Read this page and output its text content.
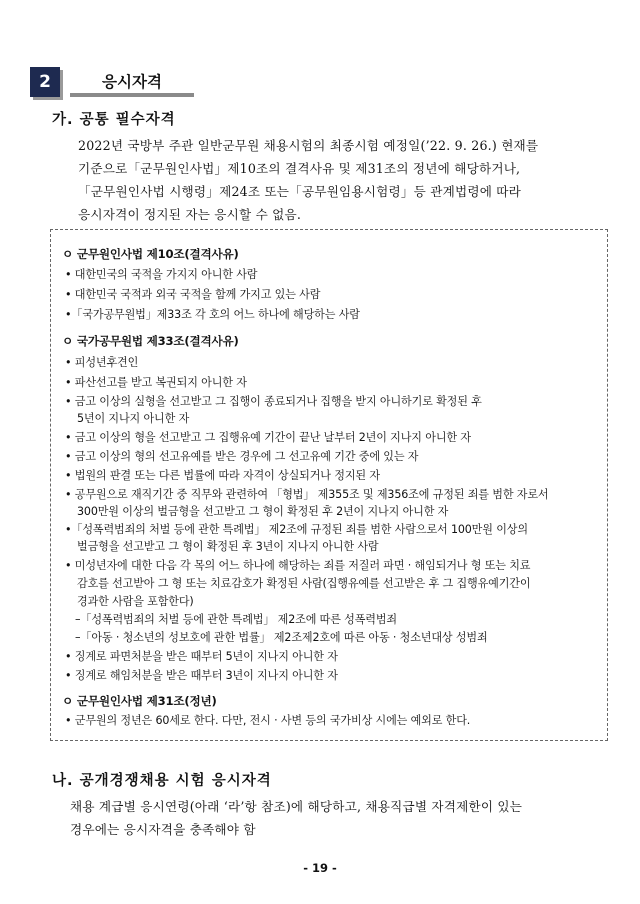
2	응시자격
가. 공통 필수자격
2022년 국방부 주관 일반군무원 채용시험의 최종시험 예정일(’22. 9. 26.) 현재를
기준으로「군무원인사법」제10조의 결격사유 및 제31조의 정년에 해당하거나,
「군무원인사법 시행령」제24조 또는「공무원임용시험령」등 관계법령에 따라
응시자격이 정지된 자는 응시할 수 없음.
ㅇ 군무원인사법 제10조(결격사유)
• 대한민국의 국적을 가지지 아니한 사람
• 대한민국 국적과 외국 국적을 함께 가지고 있는 사람
•「국가공무원법」제33조 각 호의 어느 하나에 해당하는 사람
ㅇ 국가공무원법 제33조(결격사유)
• 피성년후견인
• 파산선고를 받고 복권되지 아니한 자
• 금고 이상의 실형을 선고받고 그 집행이 종료되거나 집행을 받지 아니하기로 확정된 후
5년이 지나지 아니한 자
• 금고 이상의 형을 선고받고 그 집행유예 기간이 끝난 날부터 2년이 지나지 아니한 자
• 금고 이상의 형의 선고유예를 받은 경우에 그 선고유예 기간 중에 있는 자
• 법원의 판결 또는 다른 법률에 따라 자격이 상실되거나 정지된 자
• 공무원으로 재직기간 중 직무와 관련하여 「형법」 제355조 및 제356조에 규정된 죄를 범한 자로서
300만원 이상의 벌금형을 선고받고 그 형이 확정된 후 2년이 지나지 아니한 자
•「성폭력범죄의 처벌 등에 관한 특례법」 제2조에 규정된 죄를 범한 사람으로서 100만원 이상의
벌금형을 선고받고 그 형이 확정된 후 3년이 지나지 아니한 사람
• 미성년자에 대한 다음 각 목의 어느 하나에 해당하는 죄를 저질러 파면 · 해임되거나 형 또는 치료
감호를 선고받아 그 형 또는 치료감호가 확정된 사람(집행유예를 선고받은 후 그 집행유예기간이
경과한 사람을 포함한다)
–「성폭력범죄의 처벌 등에 관한 특례법」 제2조에 따른 성폭력범죄
–「아동 · 청소년의 성보호에 관한 법률」 제2조제2호에 따른 아동 · 청소년대상 성범죄
• 징계로 파면처분을 받은 때부터 5년이 지나지 아니한 자
• 징계로 해임처분을 받은 때부터 3년이 지나지 아니한 자
ㅇ 군무원인사법 제31조(정년)
• 군무원의 정년은 60세로 한다. 다만, 전시 · 사변 등의 국가비상 시에는 예외로 한다.
나. 공개경쟁채용 시험 응시자격
채용 계급별 응시연령(아래 ‘라’항 참조)에 해당하고, 채용직급별 자격제한이 있는
경우에는 응시자격을 충족해야 함
- 19 -
